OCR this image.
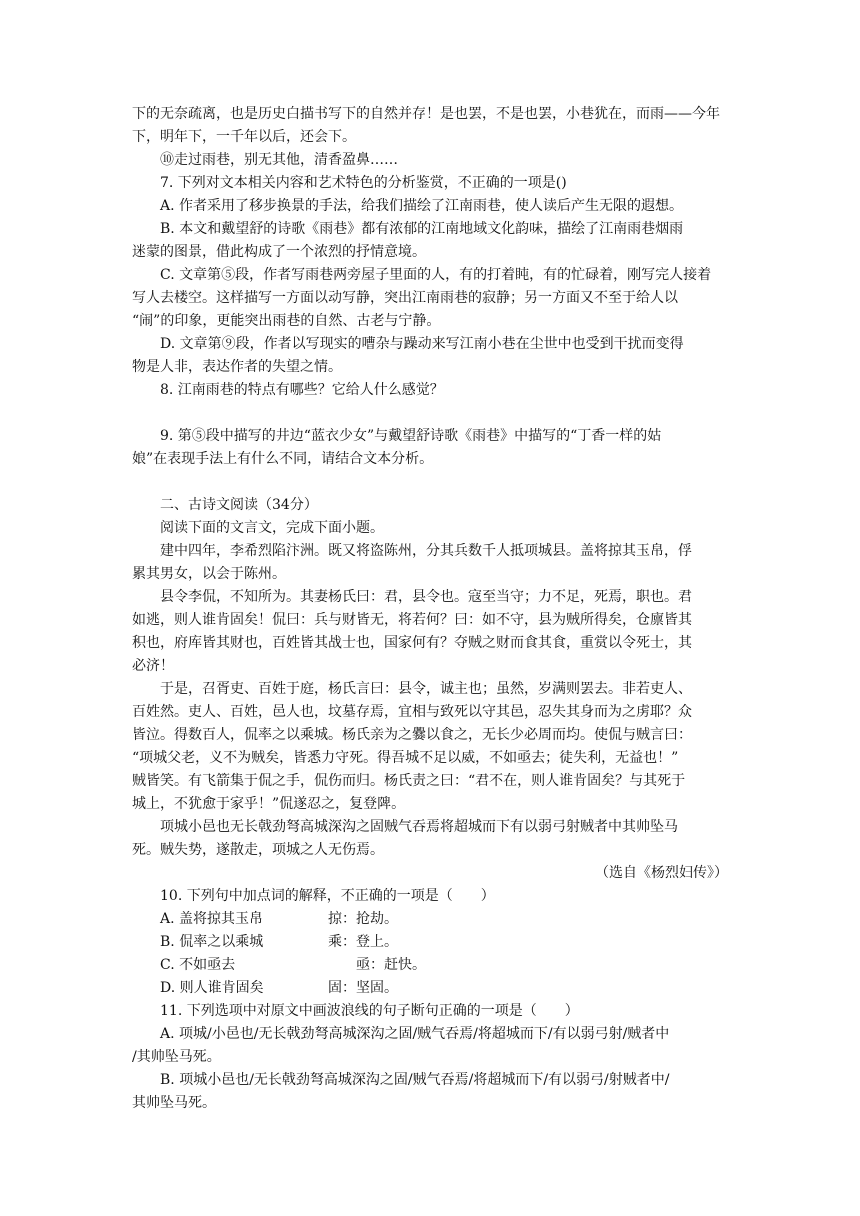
下的无奈疏离，也是历史白描书写下的自然并存！是也罢，不是也罢，小巷犹在，而雨——今年
下，明年下，一千年以后，还会下。
⑩走过雨巷，别无其他，清香盈鼻……
7. 下列对文本相关内容和艺术特色的分析鉴赏，不正确的一项是()
A. 作者采用了移步换景的手法，给我们描绘了江南雨巷，使人读后产生无限的遐想。
B. 本文和戴望舒的诗歌《雨巷》都有浓郁的江南地域文化韵味，描绘了江南雨巷烟雨
迷蒙的图景，借此构成了一个浓烈的抒情意境。
C. 文章第⑤段，作者写雨巷两旁屋子里面的人，有的打着盹，有的忙碌着，刚写完人接着
写人去楼空。这样描写一方面以动写静，突出江南雨巷的寂静；另一方面又不至于给人以
“闹”的印象，更能突出雨巷的自然、古老与宁静。
D. 文章第⑨段，作者以写现实的嘈杂与躁动来写江南小巷在尘世中也受到干扰而变得
物是人非，表达作者的失望之情。
8. 江南雨巷的特点有哪些？它给人什么感觉？
9. 第⑤段中描写的井边“蓝衣少女”与戴望舒诗歌《雨巷》中描写的“丁香一样的姑
娘”在表现手法上有什么不同，请结合文本分析。
二、古诗文阅读（34分）
阅读下面的文言文，完成下面小题。
建中四年，李希烈陷汴洲。既又将盗陈州，分其兵数千人抵项城县。盖将掠其玉帛，俘
累其男女，以会于陈州。
县令李侃，不知所为。其妻杨氏曰：君，县令也。寇至当守；力不足，死焉，职也。君
如逃，则人谁肯固矣！侃曰：兵与财皆无，将若何？曰：如不守，县为贼所得矣，仓廪皆其
积也，府库皆其财也，百姓皆其战士也，国家何有？夺贼之财而食其食，重赏以令死士，其
必济！
于是，召胥吏、百姓于庭，杨氏言曰：县令，诚主也；虽然，岁满则罢去。非若吏人、
百姓然。吏人、百姓，邑人也，坟墓存焉，宜相与致死以守其邑，忍失其身而为之虏耶？众
皆泣。得数百人，侃率之以乘城。杨氏亲为之爨以食之，无长少必周而均。使侃与贼言曰：
“项城父老，义不为贼矣，皆悉力守死。得吾城不足以威，不如亟去；徒失利，无益也！”
贼皆笑。有飞箭集于侃之手，侃伤而归。杨氏责之曰：“君不在，则人谁肯固矣？与其死于
城上，不犹愈于家乎！”侃遂忍之，复登陴。
项城小邑也无长戟劲弩高城深沟之固贼气吞焉将超城而下有以弱弓射贼者中其帅坠马
死。贼失势，遂散走，项城之人无伤焉。
（选自《杨烈妇传》）
10. 下列句中加点词的解释，不正确的一项是（　　）
A. 盖将掠其玉帛	掠：抢劫。
B. 侃率之以乘城	乘：登上。
C. 不如亟去	亟：赶快。
D. 则人谁肯固矣	固：坚固。
11. 下列选项中对原文中画波浪线的句子断句正确的一项是（　　）
A. 项城/小邑也/无长戟劲弩高城深沟之固/贼气吞焉/将超城而下/有以弱弓射/贼者中
/其帅坠马死。
B. 项城小邑也/无长戟劲弩高城深沟之固/贼气吞焉/将超城而下/有以弱弓/射贼者中/
其帅坠马死。
